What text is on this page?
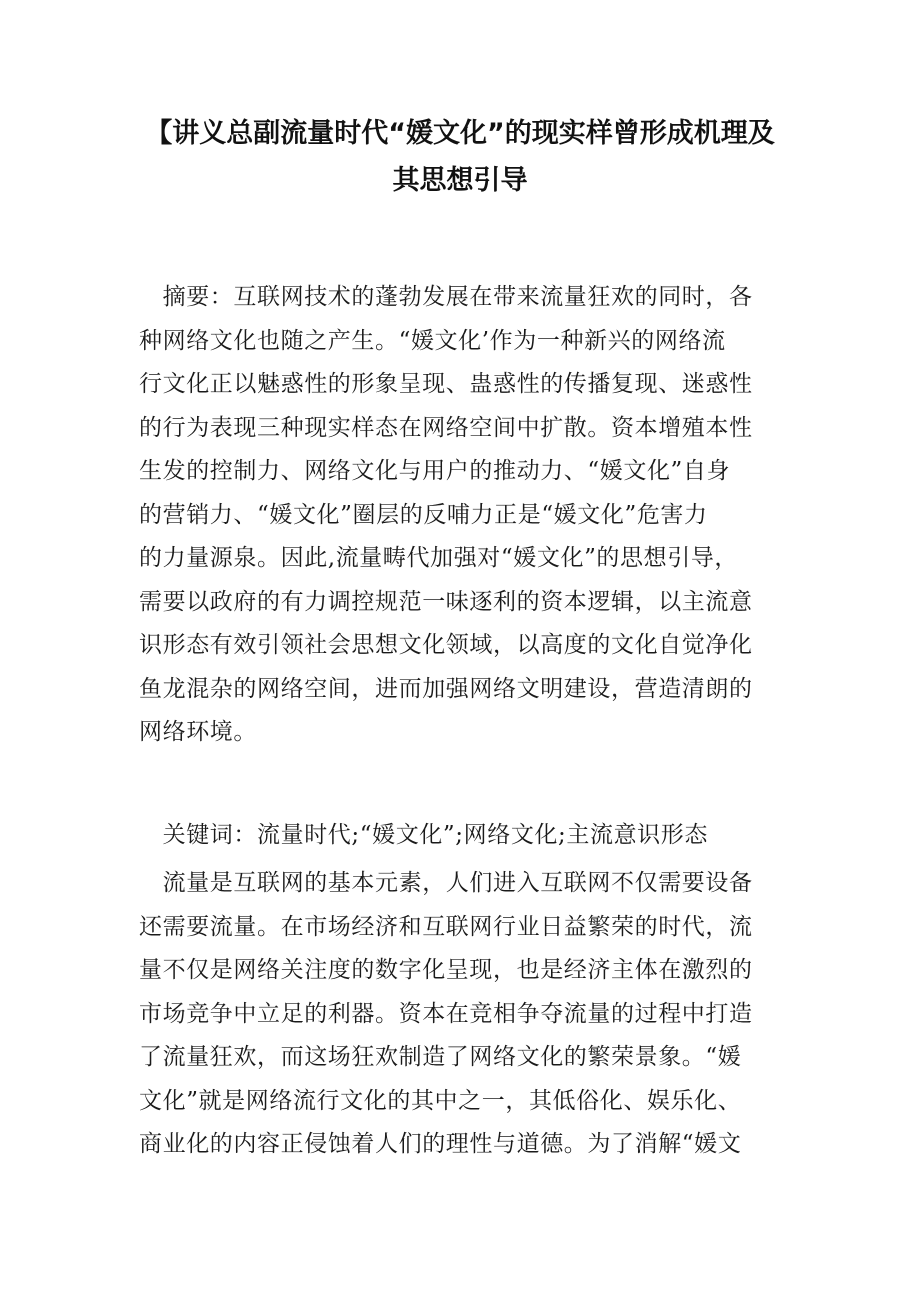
【讲义总副流量时代“媛文化”的现实样曾形成机理及
其思想引导
　摘要：互联网技术的蓬勃发展在带来流量狂欢的同时，各
种网络文化也随之产生。“媛文化’作为一种新兴的网络流
行文化正以魅惑性的形象呈现、蛊惑性的传播复现、迷惑性
的行为表现三种现实样态在网络空间中扩散。资本增殖本性
生发的控制力、网络文化与用户的推动力、“媛文化”自身
的营销力、“媛文化”圈层的反哺力正是“媛文化”危害力
的力量源泉。因此,流量畴代加强对“媛文化”的思想引导，
需要以政府的有力调控规范一味逐利的资本逻辑，以主流意
识形态有效引领社会思想文化领域，以高度的文化自觉净化
鱼龙混杂的网络空间，进而加强网络文明建设，营造清朗的
网络环境。
　关键词：流量时代;“媛文化”;网络文化;主流意识形态
　流量是互联网的基本元素，人们进入互联网不仅需要设备
还需要流量。在市场经济和互联网行业日益繁荣的时代，流
量不仅是网络关注度的数字化呈现，也是经济主体在激烈的
市场竞争中立足的利器。资本在竞相争夺流量的过程中打造
了流量狂欢，而这场狂欢制造了网络文化的繁荣景象。“媛
文化”就是网络流行文化的其中之一，其低俗化、娱乐化、
商业化的内容正侵蚀着人们的理性与道德。为了消解“媛文
